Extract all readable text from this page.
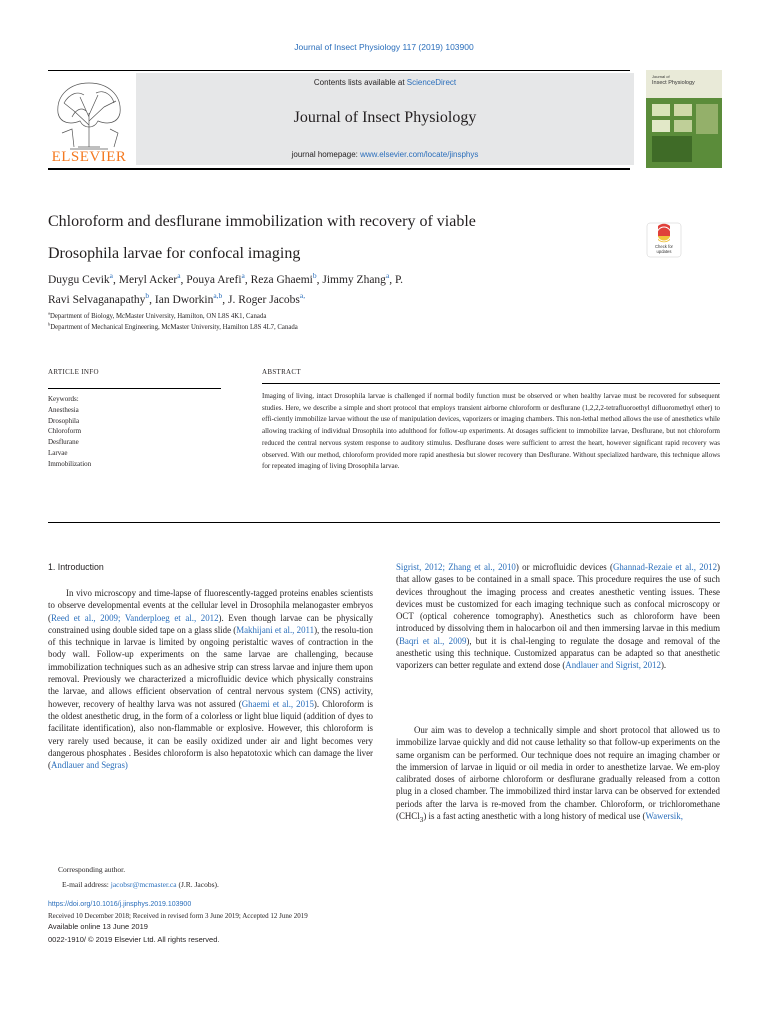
Journal of Insect Physiology 117 (2019) 103900
ELSEVIER
Contents lists available at ScienceDirect
Journal of Insect Physiology
journal homepage: www.elsevier.com/locate/jinsphys
Journal of
Insect Physiology
Chloroform and desflurane immobilization with recovery of viable
Drosophila larvae for confocal imaging	Check for
updates
Duygu Cevik$^a$, Meryl Acker$^a$, Pouya Arefi$^a$, Reza Ghaemi$^b$, Jimmy Zhang$^a$, P.
Ravi Selvaganapathy$^b$, Ian Dworkin$^{a,b}$, J. Roger Jacobs$^{a,}$
$^a$Department of Biology, McMaster University, Hamilton, ON L8S 4K1, Canada
$^b$Department of Mechanical Engineering, McMaster University, Hamilton L8S 4L7, Canada
ARTICLE INFO
Keywords:
Anesthesia
Drosophila
Chloroform
Desflurane
Larvae
Immobilization
ABSTRACT
Imaging of living, intact Drosophila larvae is challenged if normal bodily function must be observed or when healthy larvae must be recovered for subsequent studies. Here, we describe a simple and short protocol that employs transient airborne chloroform or desflurane (1,2,2,2-tetrafluoroethyl difluoromethyl ether) to effi-ciently immobilize larvae without the use of manipulation devices, vaporizers or imaging chambers. This non-lethal method allows the use of anesthetics while allowing tracking of individual Drosophila into adulthood for follow-up experiments. At dosages sufficient to immobilize larvae, Desflurane, but not chloroform reduced the central nervous system response to auditory stimulus. Desflurane doses were sufficient to arrest the heart, however significant rapid recovery was observed. With our method, chloroform provided more rapid anesthesia but slower recovery than Desflurane. Without specialized hardware, this technique allows for repeated imaging of living Drosophila larvae.
1. Introduction
In vivo microscopy and time-lapse of fluorescently-tagged proteins enables scientists to observe developmental events at the cellular level in Drosophila melanogaster embryos (Reed et al., 2009; Vanderploeg et al., 2012). Even though larvae can be physically constrained using double sided tape on a glass slide (Makhijani et al., 2011), the resolu-tion of this technique in larvae is limited by ongoing peristaltic waves of contraction in the body wall. Follow-up experiments on the same larvae are challenging, because immobilization techniques such as an adhesive strip can stress larvae and injure them upon removal. Previously we characterized a microfluidic device which physically constrains the larvae, and allows efficient observation of central nervous system (CNS) activity, however, recovery of healthy larva was not assured (Ghaemi et al., 2015). Chloroform is the oldest anesthetic drug, in the form of a colorless or light blue liquid (addition of dyes to facilitate identification), also non-flammable or explosive. However, this chloroform is very rarely used because, it can be easily oxidized under air and light becomes very dangerous phosphates . Besides chloroform is also hepatotoxic which can damage the liver (Andlauer and Segras)
Sigrist, 2012; Zhang et al., 2010) or microfluidic devices (Ghannad-Rezaie et al., 2012) that allow gases to be contained in a small space. This procedure requires the use of such devices throughout the imaging process and creates anesthetic venting issues. These devices must be customized for each imaging technique such as confocal microscopy or OCT (optical coherence tomography). Anesthetics such as chloroform have been introduced by dissolving them in halocarbon oil and then immersing larvae in this medium (Baqri et al., 2009), but it is chal-lenging to regulate the dosage and removal of the anesthetic using this technique. Customized apparatus can be adapted so that anesthetic vaporizers can better regulate and extend dose (Andlauer and Sigrist, 2012).
Our aim was to develop a technically simple and short protocol that allowed us to immobilize larvae quickly and did not cause lethality so that follow-up experiments on the same organism can be performed. Our technique does not require an imaging chamber or the immersion of larvae in liquid or oil media in order to anesthetize larvae. We em-ploy calibrated doses of airborne chloroform or desflurane gradually released from a cotton plug in a closed chamber. The immobilized third instar larva can be observed for extended periods after the larva is re-moved from the chamber. Chloroform, or trichloromethane (CHCl$_3$) is a fast acting anesthetic with a long history of medical use (Wawersik,
Corresponding author.
E-mail address: jacobsr@mcmaster.ca (J.R. Jacobs).
https://doi.org/10.1016/j.jinsphys.2019.103900
Received 10 December 2018; Received in revised form 3 June 2019; Accepted 12 June 2019
Available online 13 June 2019
0022-1910/ © 2019 Elsevier Ltd. All rights reserved.
